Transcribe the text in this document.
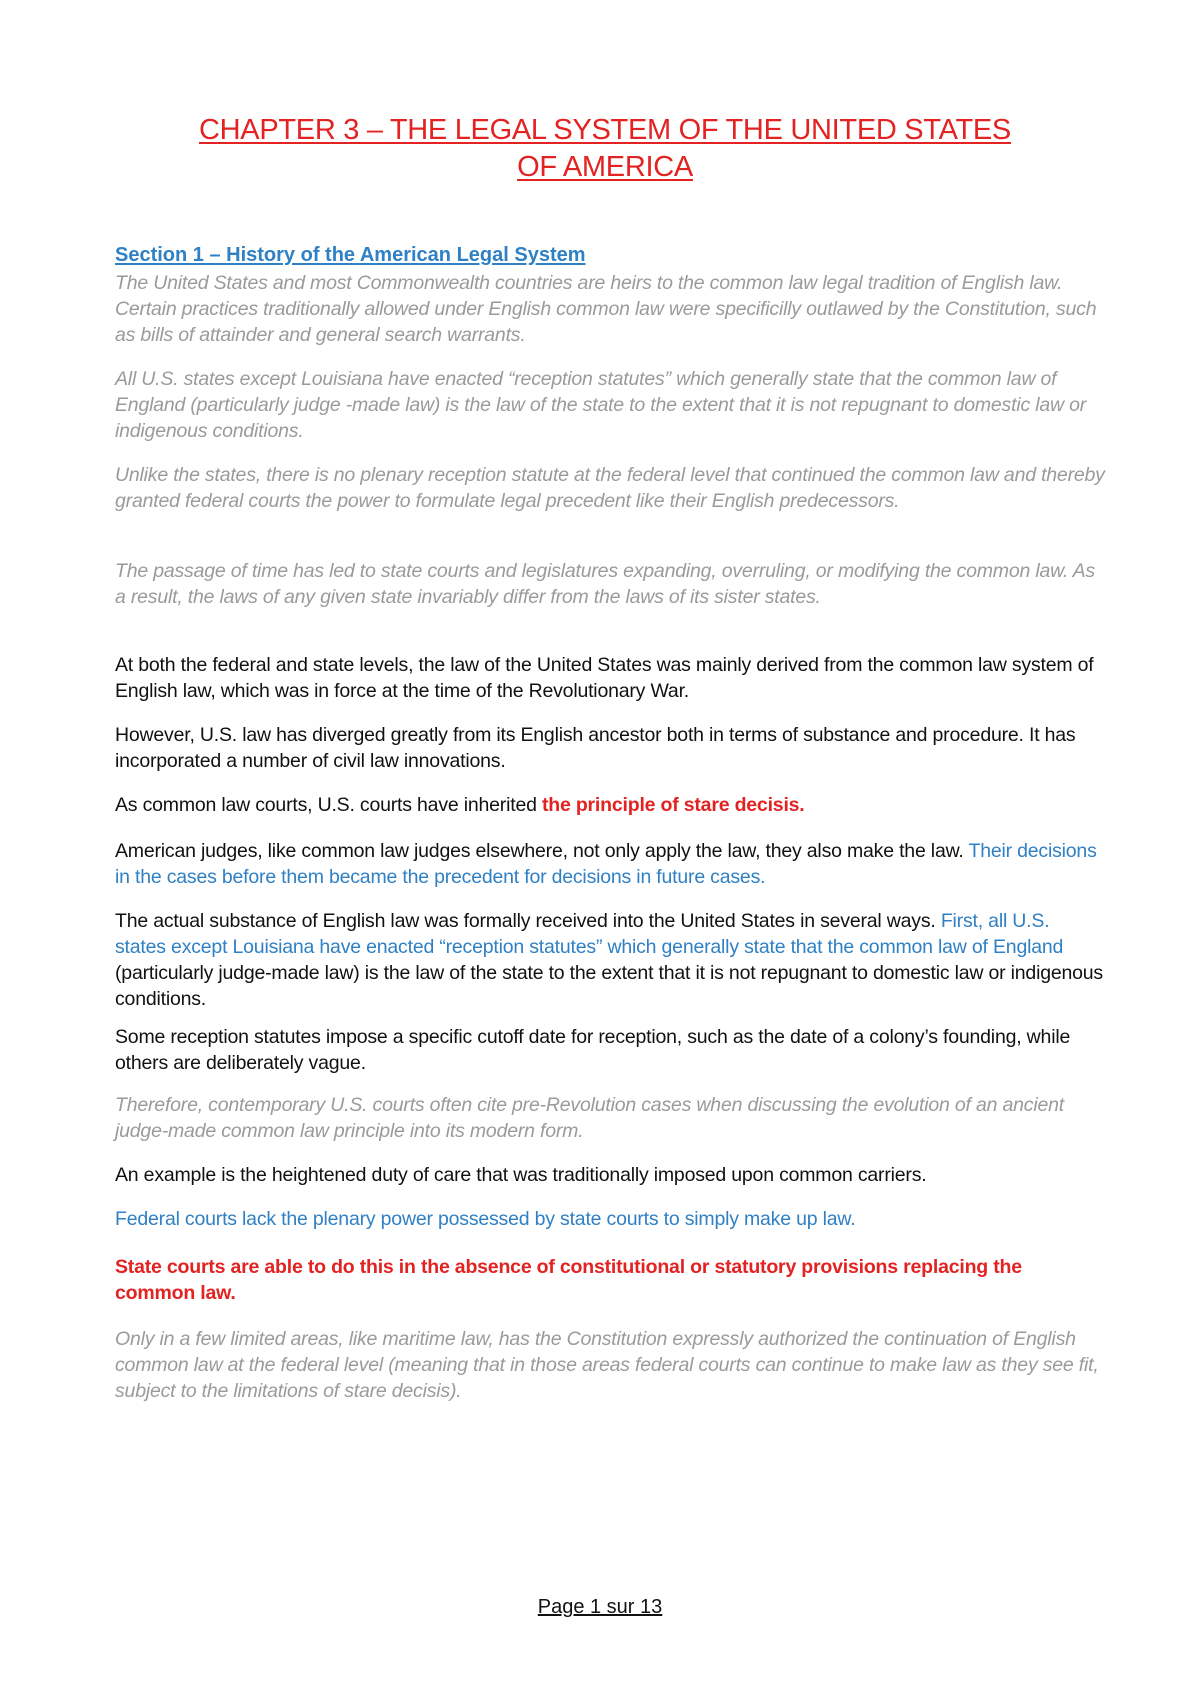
CHAPTER 3 – THE LEGAL SYSTEM OF THE UNITED STATES
OF AMERICA
Section 1 – History of the American Legal System

The United States and most Commonwealth countries are heirs to the common law legal tradition of English law. Certain practices traditionally allowed under English common law were specificilly outlawed by the Constitution, such as bills of attainder and general search warrants.

All U.S. states except Louisiana have enacted “reception statutes” which generally state that the common law of England (particularly judge -made law) is the law of the state to the extent that it is not repugnant to domestic law or indigenous conditions.

Unlike the states, there is no plenary reception statute at the federal level that continued the common law and thereby granted federal courts the power to formulate legal precedent like their English predecessors.

The passage of time has led to state courts and legislatures expanding, overruling, or modifying the common law. As a result, the laws of any given state invariably differ from the laws of its sister states.

At both the federal and state levels, the law of the United States was mainly derived from the common law system of English law, which was in force at the time of the Revolutionary War.

However, U.S. law has diverged greatly from its English ancestor both in terms of substance and procedure. It has incorporated a number of civil law innovations.

As common law courts, U.S. courts have inherited the principle of stare decisis.

American judges, like common law judges elsewhere, not only apply the law, they also make the law. Their decisions in the cases before them became the precedent for decisions in future cases.

The actual substance of English law was formally received into the United States in several ways. First, all U.S. states except Louisiana have enacted “reception statutes” which generally state that the common law of England (particularly judge-made law) is the law of the state to the extent that it is not repugnant to domestic law or indigenous conditions.

Some reception statutes impose a specific cutoff date for reception, such as the date of a colony’s founding, while others are deliberately vague.

Therefore, contemporary U.S. courts often cite pre-Revolution cases when discussing the evolution of an ancient judge-made common law principle into its modern form.

An example is the heightened duty of care that was traditionally imposed upon common carriers.

Federal courts lack the plenary power possessed by state courts to simply make up law.

State courts are able to do this in the absence of constitutional or statutory provisions replacing the common law.

Only in a few limited areas, like maritime law, has the Constitution expressly authorized the continuation of English common law at the federal level (meaning that in those areas federal courts can continue to make law as they see fit, subject to the limitations of stare decisis).

Page 1 sur 13
